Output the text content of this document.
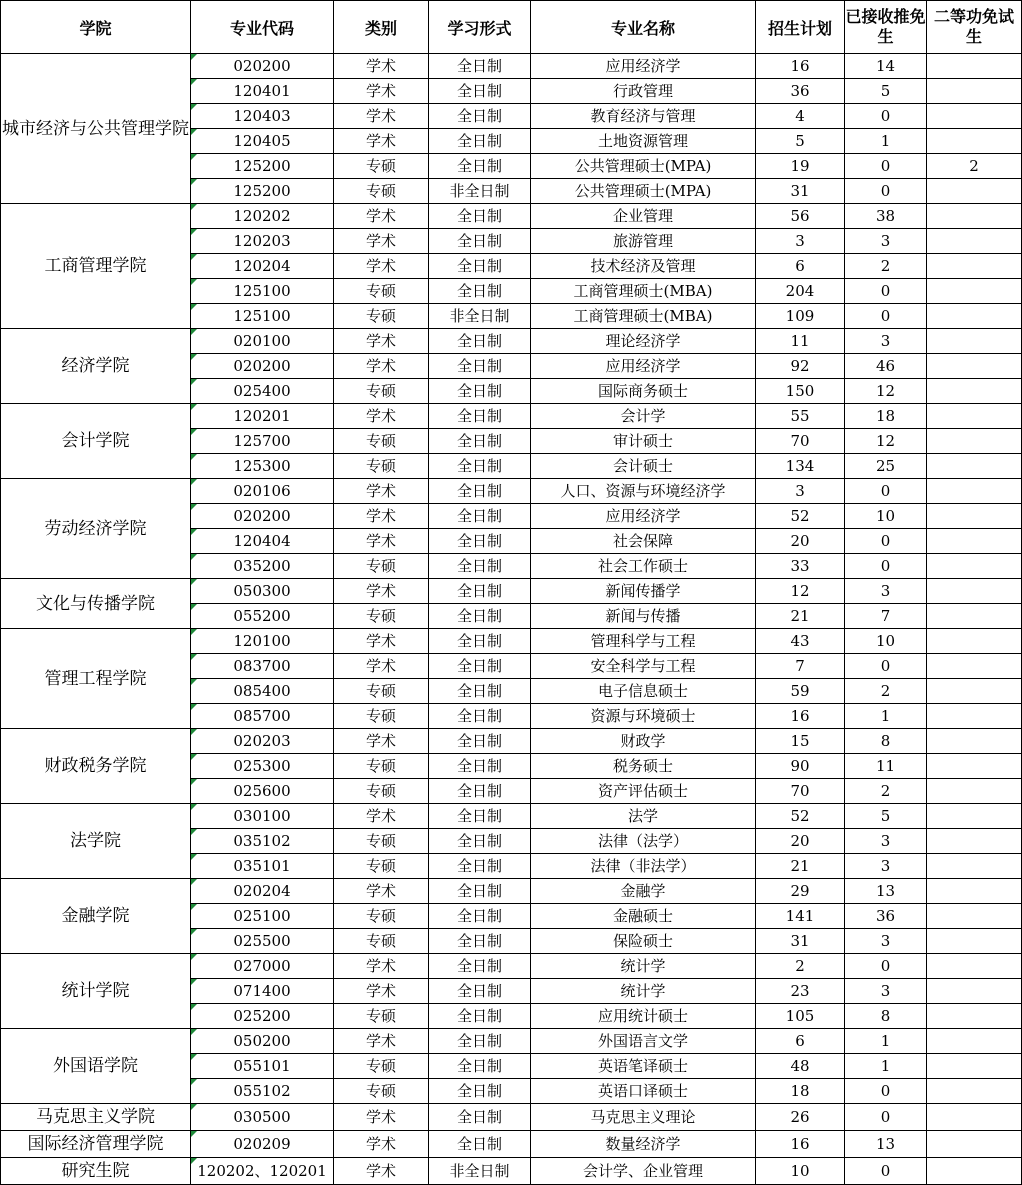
学院	专业代码	类别	学习形式	专业名称	招生计划	已接收推免生	二等功免试生
城市经济与公共管理学院	020200	学术	全日制	应用经济学	16	14	
	120401	学术	全日制	行政管理	36	5	
	120403	学术	全日制	教育经济与管理	4	0	
	120405	学术	全日制	土地资源管理	5	1	
	125200	专硕	全日制	公共管理硕士(MPA)	19	0	2
	125200	专硕	非全日制	公共管理硕士(MPA)	31	0	
工商管理学院	120202	学术	全日制	企业管理	56	38	
	120203	学术	全日制	旅游管理	3	3	
	120204	学术	全日制	技术经济及管理	6	2	
	125100	专硕	全日制	工商管理硕士(MBA)	204	0	
	125100	专硕	非全日制	工商管理硕士(MBA)	109	0	
经济学院	020100	学术	全日制	理论经济学	11	3	
	020200	学术	全日制	应用经济学	92	46	
	025400	专硕	全日制	国际商务硕士	150	12	
会计学院	120201	学术	全日制	会计学	55	18	
	125700	专硕	全日制	审计硕士	70	12	
	125300	专硕	全日制	会计硕士	134	25	
劳动经济学院	020106	学术	全日制	人口、资源与环境经济学	3	0	
	020200	学术	全日制	应用经济学	52	10	
	120404	学术	全日制	社会保障	20	0	
	035200	专硕	全日制	社会工作硕士	33	0	
文化与传播学院	050300	学术	全日制	新闻传播学	12	3	
	055200	专硕	全日制	新闻与传播	21	7	
管理工程学院	120100	学术	全日制	管理科学与工程	43	10	
	083700	学术	全日制	安全科学与工程	7	0	
	085400	专硕	全日制	电子信息硕士	59	2	
	085700	专硕	全日制	资源与环境硕士	16	1	
财政税务学院	020203	学术	全日制	财政学	15	8	
	025300	专硕	全日制	税务硕士	90	11	
	025600	专硕	全日制	资产评估硕士	70	2	
法学院	030100	学术	全日制	法学	52	5	
	035102	专硕	全日制	法律（法学）	20	3	
	035101	专硕	全日制	法律（非法学）	21	3	
金融学院	020204	学术	全日制	金融学	29	13	
	025100	专硕	全日制	金融硕士	141	36	
	025500	专硕	全日制	保险硕士	31	3	
统计学院	027000	学术	全日制	统计学	2	0	
	071400	学术	全日制	统计学	23	3	
	025200	专硕	全日制	应用统计硕士	105	8	
外国语学院	050200	学术	全日制	外国语言文学	6	1	
	055101	专硕	全日制	英语笔译硕士	48	1	
	055102	专硕	全日制	英语口译硕士	18	0	
马克思主义学院	030500	学术	全日制	马克思主义理论	26	0	
国际经济管理学院	020209	学术	全日制	数量经济学	16	13	
研究生院	120202、120201	学术	非全日制	会计学、企业管理	10	0	
